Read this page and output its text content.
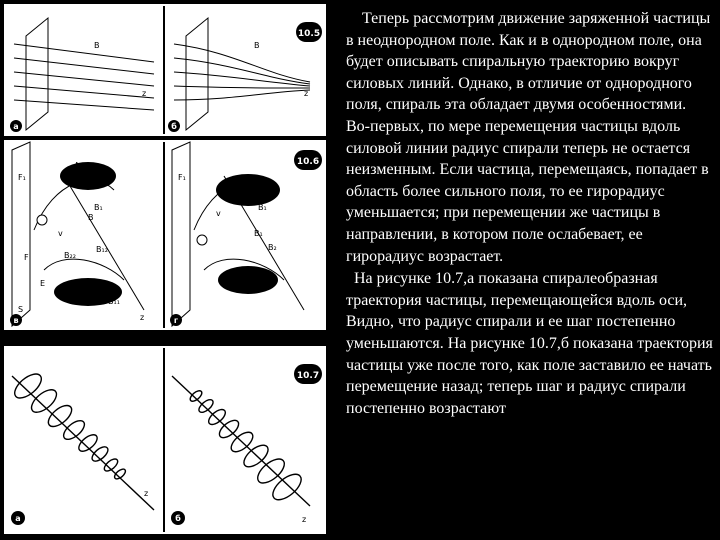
B
z
B
z
10.5
а	б
A
B
S
F
F₁	F₁
B₁
B
B₁₂
B₂₂
B₁
B₁₁
B₁
B₂
v
v
E
z
10.6
в	г
z
z
10.7
а	б

Теперь рассмотрим движение заряженной частицы в неоднородном поле. Как и в однородном поле, она будет описывать спиральную траекторию вокруг силовых линий. Однако, в отличие от однородного поля, спираль эта обладает двумя особенностями. Во-первых, по мере перемещения частицы вдоль силовой линии радиус спирали теперь не остается неизменным. Если частица, перемещаясь, попадает в область более сильного поля, то ее гирорадиус уменьшается; при перемещении же частицы в направлении, в котором поле ослабевает, ее гирорадиус возрастает.

На рисунке 10.7,а показана спиралеобразная траектория частицы, перемещающейся вдоль оси, Видно, что радиус спирали и ее шаг постепенно уменьшаются. На рисунке 10.7,б показана траектория частицы уже после того, как поле заставило ее начать перемещение назад; теперь шаг и радиус спирали постепенно возрастают
